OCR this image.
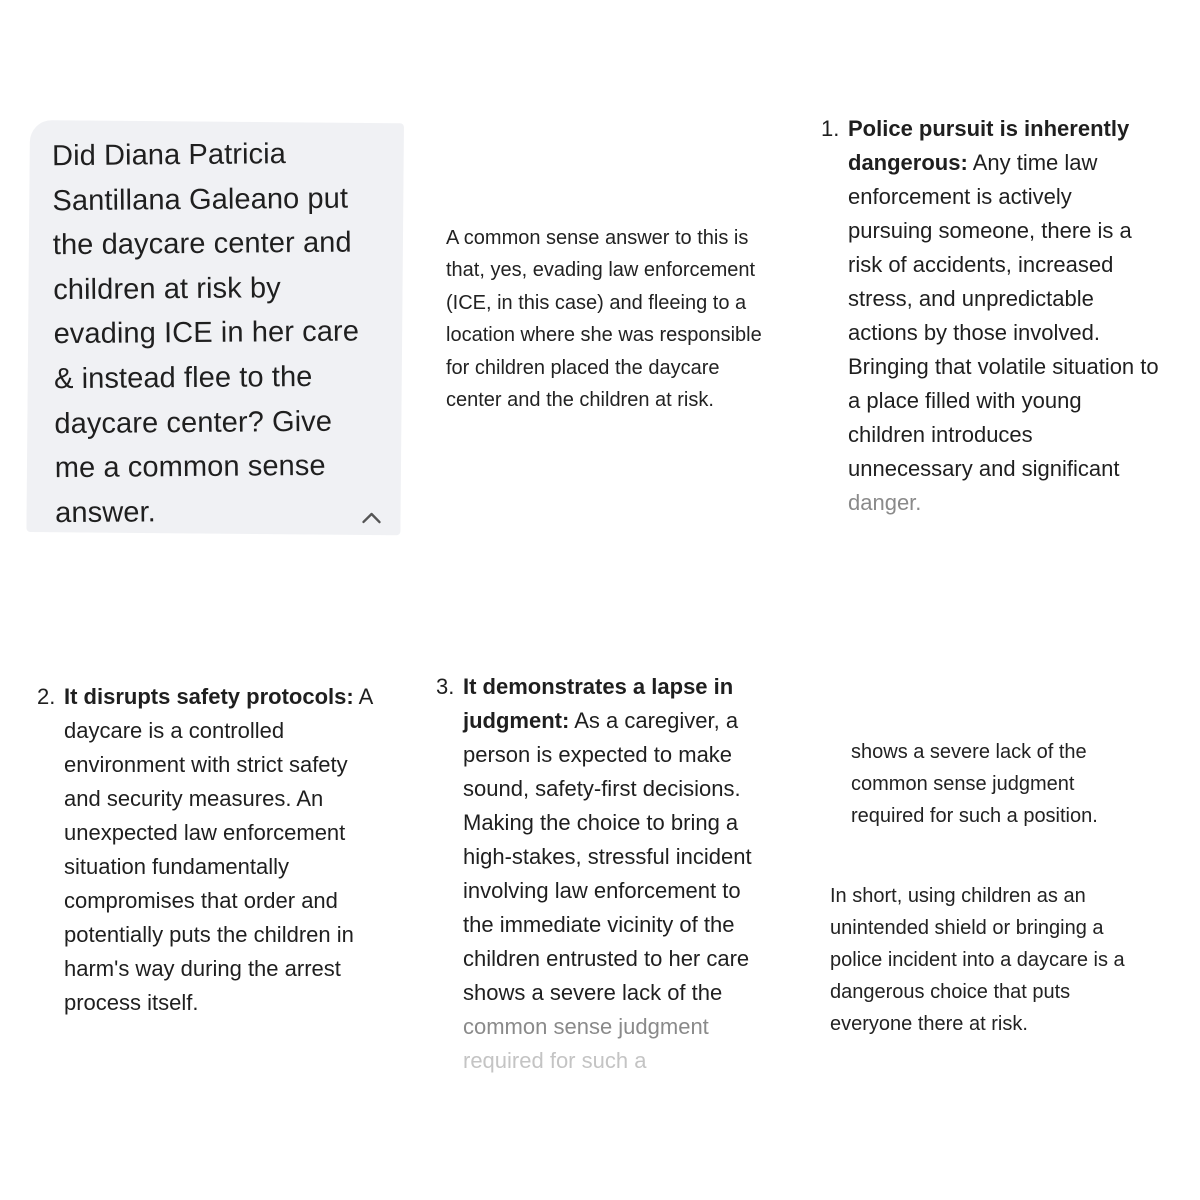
Did Diana Patricia Santillana Galeano put the daycare center and children at risk by evading ICE in her care & instead flee to the daycare center? Give me a common sense answer.
A common sense answer to this is that, yes, evading law enforcement (ICE, in this case) and fleeing to a location where she was responsible for children placed the daycare center and the children at risk.
1. Police pursuit is inherently dangerous: Any time law enforcement is actively pursuing someone, there is a risk of accidents, increased stress, and unpredictable actions by those involved. Bringing that volatile situation to a place filled with young children introduces unnecessary and significant danger.
2. It disrupts safety protocols: A daycare is a controlled environment with strict safety and security measures. An unexpected law enforcement situation fundamentally compromises that order and potentially puts the children in harm's way during the arrest process itself.
3. It demonstrates a lapse in judgment: As a caregiver, a person is expected to make sound, safety-first decisions. Making the choice to bring a high-stakes, stressful incident involving law enforcement to the immediate vicinity of the children entrusted to her care shows a severe lack of the common sense judgment
required for such a
shows a severe lack of the common sense judgment required for such a position.
In short, using children as an unintended shield or bringing a police incident into a daycare is a dangerous choice that puts everyone there at risk.
